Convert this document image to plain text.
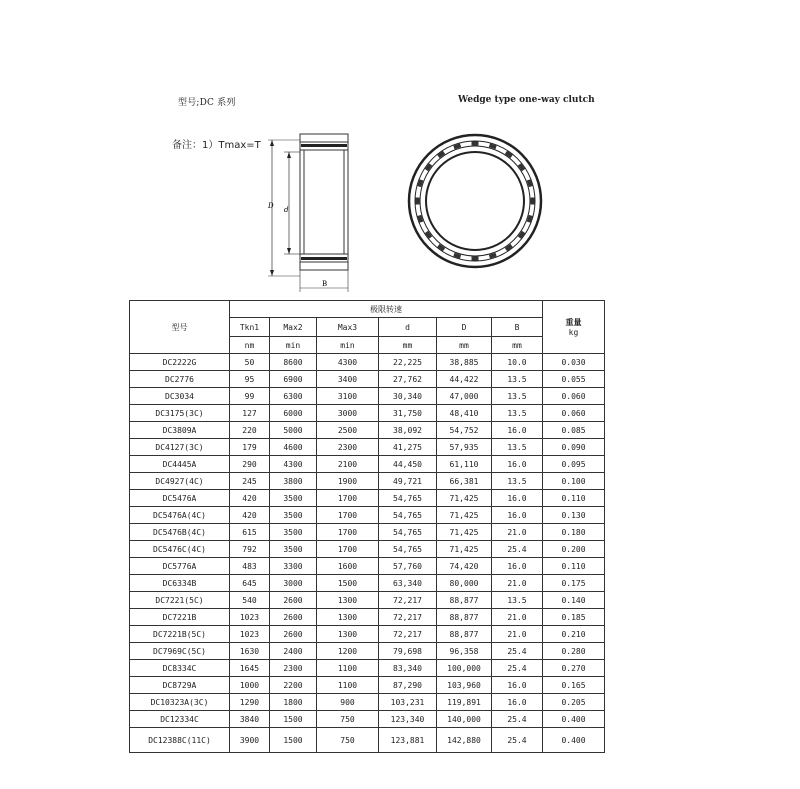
型号;DC 系列	Wedge type one-way clutch
备注：1）Tmax=T
D d
B
型号	极限转速						重量
kg

	Tkn1	Max2	Max3	d	D	B	
	nm	min	min	mm	mm	mm	
DC2222G	50	8600	4300	22,225	38,885	10.0	0.030
DC2776	95	6900	3400	27,762	44,422	13.5	0.055
DC3034	99	6300	3100	30,340	47,000	13.5	0.060
DC3175(3C)	127	6000	3000	31,750	48,410	13.5	0.060
DC3809A	220	5000	2500	38,092	54,752	16.0	0.085
DC4127(3C)	179	4600	2300	41,275	57,935	13.5	0.090
DC4445A	290	4300	2100	44,450	61,110	16.0	0.095
DC4927(4C)	245	3800	1900	49,721	66,381	13.5	0.100
DC5476A	420	3500	1700	54,765	71,425	16.0	0.110
DC5476A(4C)	420	3500	1700	54,765	71,425	16.0	0.130
DC5476B(4C)	615	3500	1700	54,765	71,425	21.0	0.180
DC5476C(4C)	792	3500	1700	54,765	71,425	25.4	0.200
DC5776A	483	3300	1600	57,760	74,420	16.0	0.110
DC6334B	645	3000	1500	63,340	80,000	21.0	0.175
DC7221(5C)	540	2600	1300	72,217	88,877	13.5	0.140
DC7221B	1023	2600	1300	72,217	88,877	21.0	0.185
DC7221B(5C)	1023	2600	1300	72,217	88,877	21.0	0.210
DC7969C(5C)	1630	2400	1200	79,698	96,358	25.4	0.280
DC8334C	1645	2300	1100	83,340	100,000	25.4	0.270
DC8729A	1000	2200	1100	87,290	103,960	16.0	0.165
DC10323A(3C)	1290	1800	900	103,231	119,891	16.0	0.205
DC12334C	3840	1500	750	123,340	140,000	25.4	0.400
DC12388C(11C)	3900	1500	750	123,881	142,880	25.4	0.400
